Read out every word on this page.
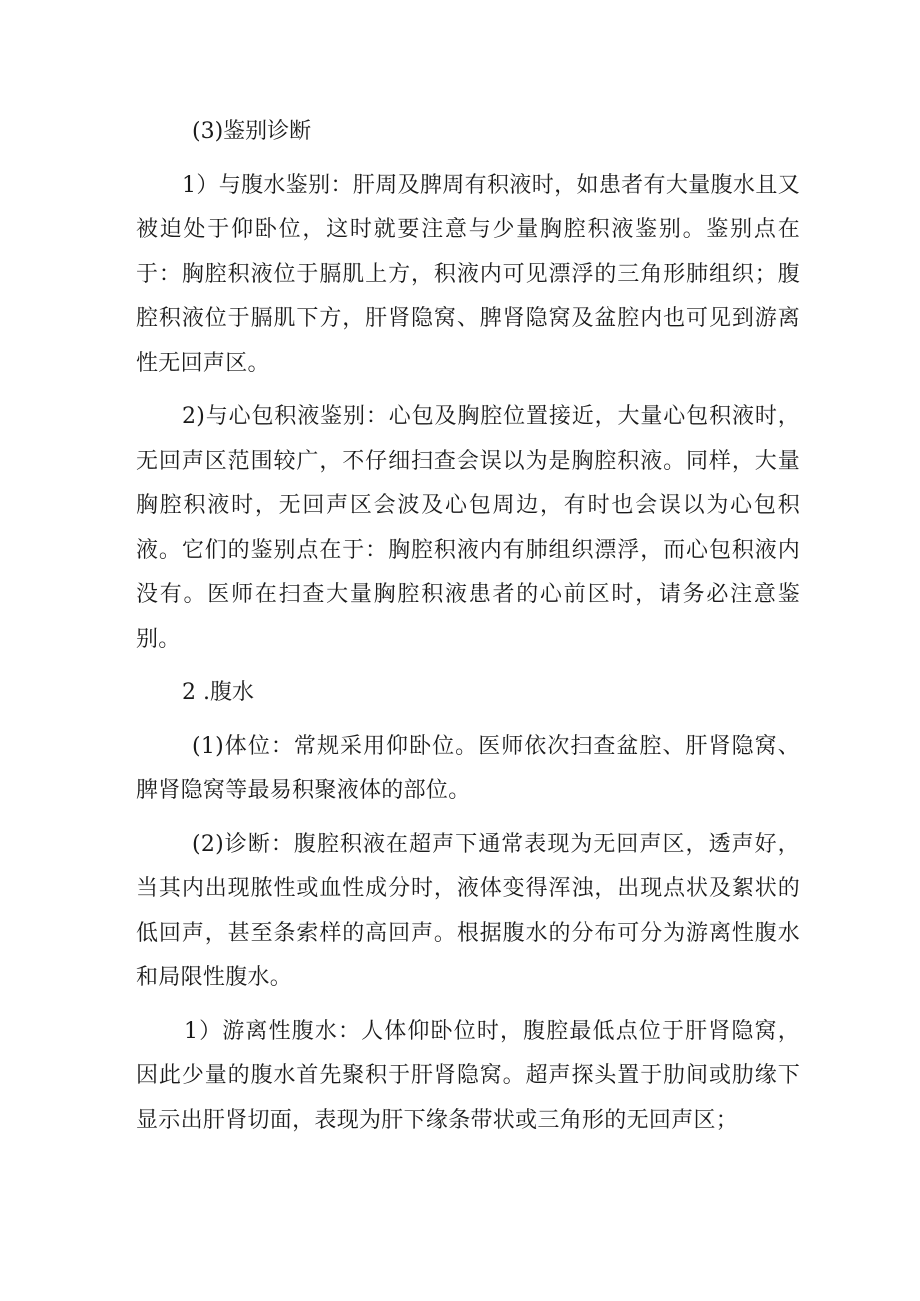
(3)鉴别诊断

1）与腹水鉴别：肝周及脾周有积液时，如患者有大量腹水且又被迫处于仰卧位，这时就要注意与少量胸腔积液鉴别。鉴别点在于：胸腔积液位于膈肌上方，积液内可见漂浮的三角形肺组织；腹腔积液位于膈肌下方，肝肾隐窝、脾肾隐窝及盆腔内也可见到游离性无回声区。

2)与心包积液鉴别：心包及胸腔位置接近，大量心包积液时，无回声区范围较广，不仔细扫查会误以为是胸腔积液。同样，大量胸腔积液时，无回声区会波及心包周边，有时也会误以为心包积液。它们的鉴别点在于：胸腔积液内有肺组织漂浮，而心包积液内没有。医师在扫查大量胸腔积液患者的心前区时，请务必注意鉴别。

2 .腹水

(1)体位：常规采用仰卧位。医师依次扫查盆腔、肝肾隐窝、脾肾隐窝等最易积聚液体的部位。

(2)诊断：腹腔积液在超声下通常表现为无回声区，透声好，当其内出现脓性或血性成分时，液体变得浑浊，出现点状及絮状的低回声，甚至条索样的高回声。根据腹水的分布可分为游离性腹水和局限性腹水。

1）游离性腹水：人体仰卧位时，腹腔最低点位于肝肾隐窝，因此少量的腹水首先聚积于肝肾隐窝。超声探头置于肋间或肋缘下显示出肝肾切面，表现为肝下缘条带状或三角形的无回声区；
